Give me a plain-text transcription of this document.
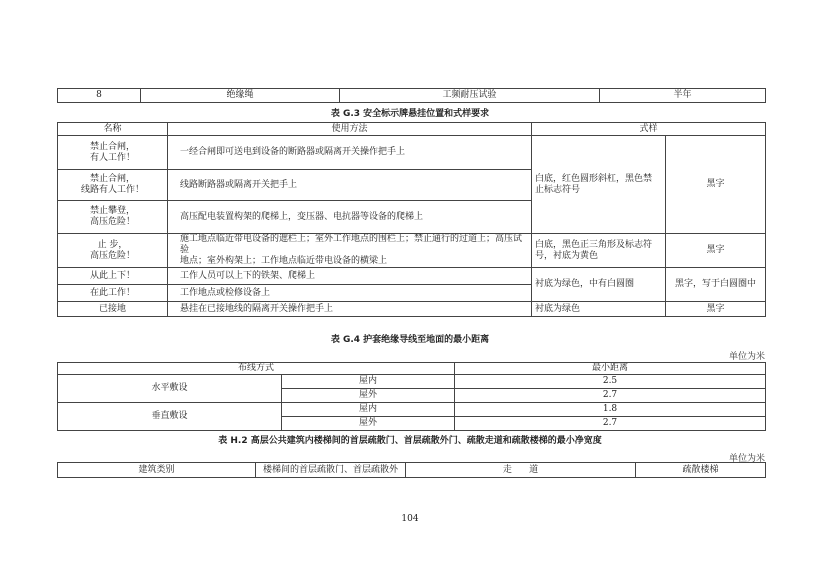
8	绝缘绳	工频耐压试验	半年
表 G.3 安全标示牌悬挂位置和式样要求
名称	使用方法	式样	
禁止合闸，
有人工作！	一经合闸即可送电到设备的断路器或隔离开关操作把手上	白底，红色圆形斜杠，黑色禁
止标志符号	黑字
禁止合闸，
线路有人工作！	线路断路器或隔离开关把手上		
禁止攀登，
高压危险！	高压配电装置构架的爬梯上，变压器、电抗器等设备的爬梯上		
止 步，
高压危险！	施工地点临近带电设备的遮栏上；室外工作地点的围栏上；禁止通行的过道上；高压试验
地点；室外构架上；工作地点临近带电设备的横梁上	白底，黑色正三角形及标志符
号，衬底为黄色	黑字
从此上下！	工作人员可以上下的铁架、爬梯上	衬底为绿色，中有白圆圈	黑字，写于白圆圈中
在此工作！	工作地点或检修设备上		
已接地	悬挂在已接地线的隔离开关操作把手上	衬底为绿色	黑字
表 G.4 护套绝缘导线至地面的最小距离
单位为米
布线方式		最小距离
水平敷设	屋内	2.5
	屋外	2.7
垂直敷设	屋内	1.8
	屋外	2.7
表 H.2 高层公共建筑内楼梯间的首层疏散门、首层疏散外门、疏散走道和疏散楼梯的最小净宽度
单位为米
建筑类别	楼梯间的首层疏散门、首层疏散外	走      道	疏散楼梯
104
